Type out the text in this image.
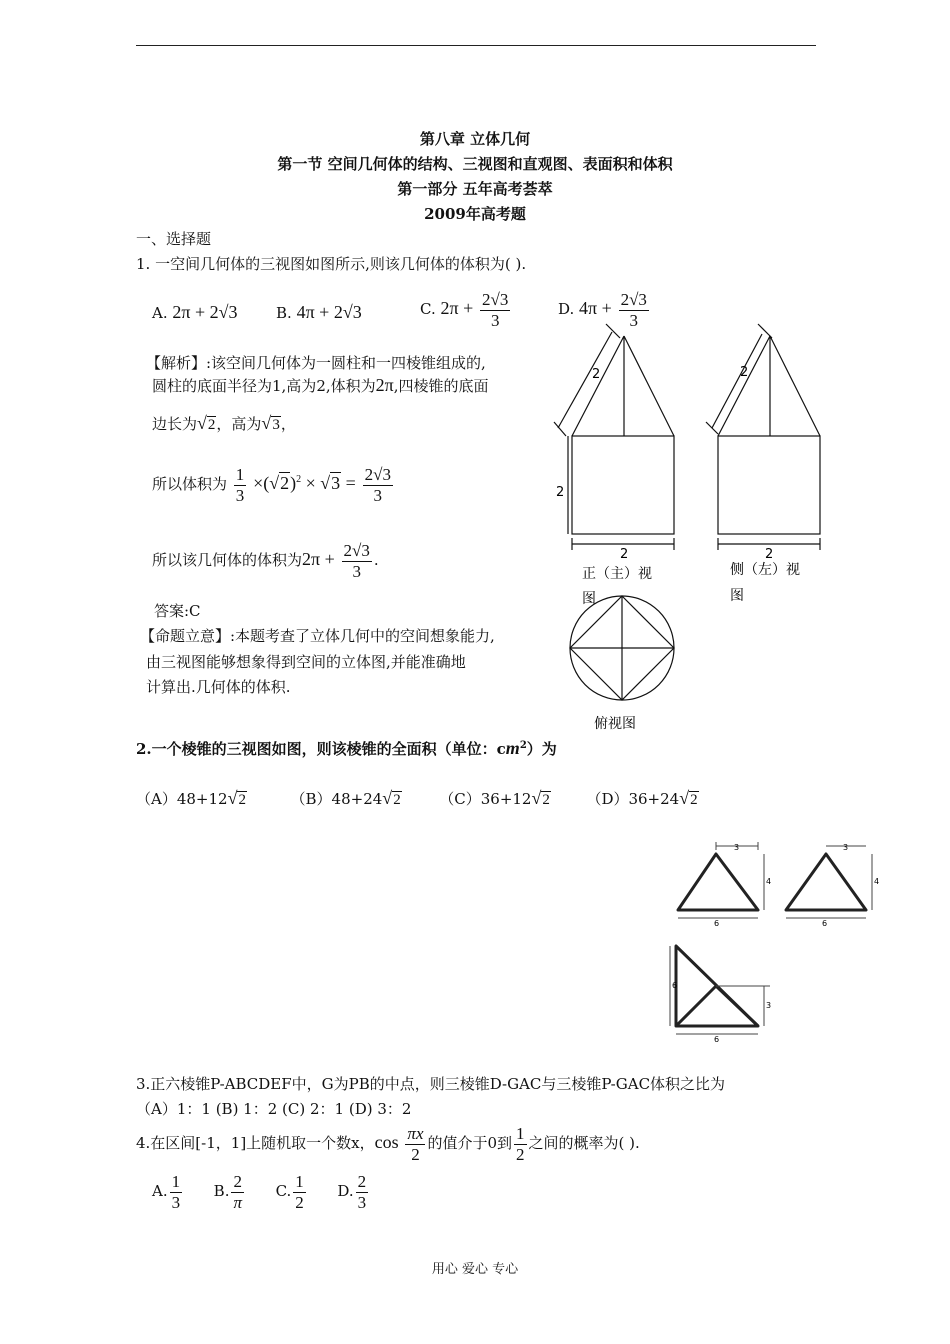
第八章 立体几何
第一节 空间几何体的结构、三视图和直观图、表面积和体积
第一部分 五年高考荟萃
2009年高考题
一、选择题
1. 一空间几何体的三视图如图所示,则该几何体的体积为( ).
A. 2π + 2√3	B. 4π + 2√3	C. $2\pi + \frac{2√3}{3}$	D. $4\pi + \frac{2√3}{3}$
【解析】:该空间几何体为一圆柱和一四棱锥组成的,
圆柱的底面半径为1,高为2,体积为2π,四棱锥的底面
边长为√2，高为√3，
所以体积为 $\frac{1}{3} \times(√2)^2 \times √3 = \frac{2√3}{3}$
所以该几何体的体积为$2\pi + \frac{2√3}{3}$ .
答案:C
【命题立意】:本题考查了立体几何中的空间想象能力,
由三视图能够想象得到空间的立体图,并能准确地
计算出.几何体的体积.
2
2
2
正（主）视
图
2
2
侧（左）视
图
俯视图
2.一个棱锥的三视图如图，则该棱锥的全面积（单位：$cm^2$）为
（A）48+12√2	（B）48+24√2	（C）36+12√2 （D）36+24√2
3
4
6
3
4
6
6
3
6
3.正六棱锥P-ABCDEF中，G为PB的中点，则三棱锥D-GAC与三棱锥P-GAC体积之比为
（A）1：1 (B) 1：2 (C) 2：1 (D) 3：2
4.在区间[-1，1]上随机取一个数x，$\cos \frac{\pi x}{2}$ 的值介于0到 $\frac{1}{2}$ 之间的概率为( ).
A. $\frac{1}{3} B$. $\frac{2}{\pi} C$. $\frac{1}{2} D$. $\frac{2}{3}$
用心 爱心 专心
